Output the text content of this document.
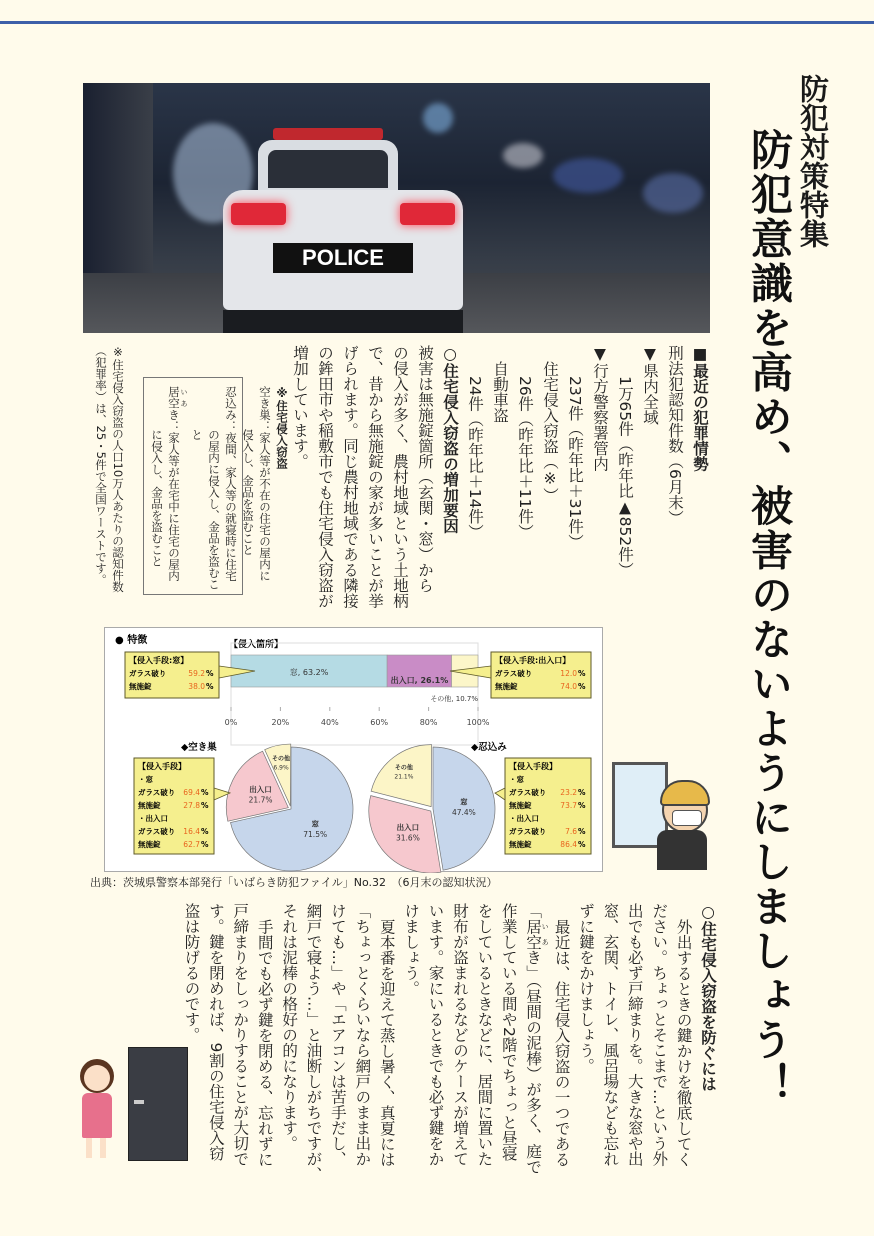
防犯対策特集
防犯意識を高め、被害のないようにしましょう！
POLICE
■最近の犯罪情勢
刑法犯認知件数（6月末）
▼県内全域
1万65件（昨年比▲852件）
▼行方警察署管内
237件（昨年比＋31件）
住宅侵入窃盗（※）
26件（昨年比＋11件）
自動車盗
24件（昨年比＋14件）
○住宅侵入窃盗の増加要因
被害は無施錠箇所（玄関・窓）から
の侵入が多く、農村地域という土地柄
で、昔から無施錠の家が多いことが挙
げられます。同じ農村地域である隣接
の鉾田市や稲敷市でも住宅侵入窃盗が
増加しています。
※住宅侵入窃盗
空き巣：家人等が不在の住宅の屋内に侵入し、金品を盗むこと
忍込み：夜間、家人等の就寝時に住宅の屋内に侵入し、金品を盗むこと
居空 いあき：家人等が在宅中に住宅の屋内に侵入し、金品を盗むこと
※住宅侵入窃盗の人口10万人あたりの認知件数（犯罪率）は、25・5件で全国ワーストです。
● 特徴	【侵入箇所】
窓, 63.2%
出入口, 26.1%
その他, 10.7%
0%	20%	40%	60%	80%	100%
【侵入手段:窓】
ガラス破り	59.2 %
無施錠	38.0 %
【侵入手段:出入口】
ガラス破り	12.0 %
無施錠	74.0 %
◆空き巣
窓
71.5%
出入口
21.7%
その他
6.9%
◆忍込み
窓
47.4%
出入口
31.6%
その他
21.1%
【侵入手段】
・窓
ガラス破り 69.4 %
無施錠	27.8 %
・出入口
ガラス破り 16.4 %
無施錠	62.7 %
【侵入手段】
・窓
ガラス破り 23.2 %
無施錠	73.7 %
・出入口
ガラス破り	7.6 %
無施錠	86.4 %
出典：茨城県警察本部発行「いばらき防犯ファイル」No.32　（6月末の認知状況）
○住宅侵入窃盗を防ぐには
外出するときの鍵かけを徹底してく
ださい。ちょっとそこまで…という外
出でも必ず戸締まりを。大きな窓や出
窓、玄関、トイレ、風呂場なども忘れ
ずに鍵をかけましょう。
最近は、住宅侵入窃盗の一つである
「居空 いあき」（昼間の泥棒）が多く、庭で
作業している間や2階でちょっと昼寝
をしているときなどに、居間に置いた
財布が盗まれるなどのケースが増えて
います。家にいるときでも必ず鍵をか
けましょう。
夏本番を迎えて蒸し暑く、真夏には
「ちょっとくらいなら網戸のまま出か
けても…」や「エアコンは苦手だし、
網戸で寝よう…」と油断しがちですが、
それは泥棒の格好の的になります。
手間でも必ず鍵を閉める、忘れずに
戸締まりをしっかりすることが大切で
す。鍵を閉めれば、9割の住宅侵入窃
盗は防げるのです。
